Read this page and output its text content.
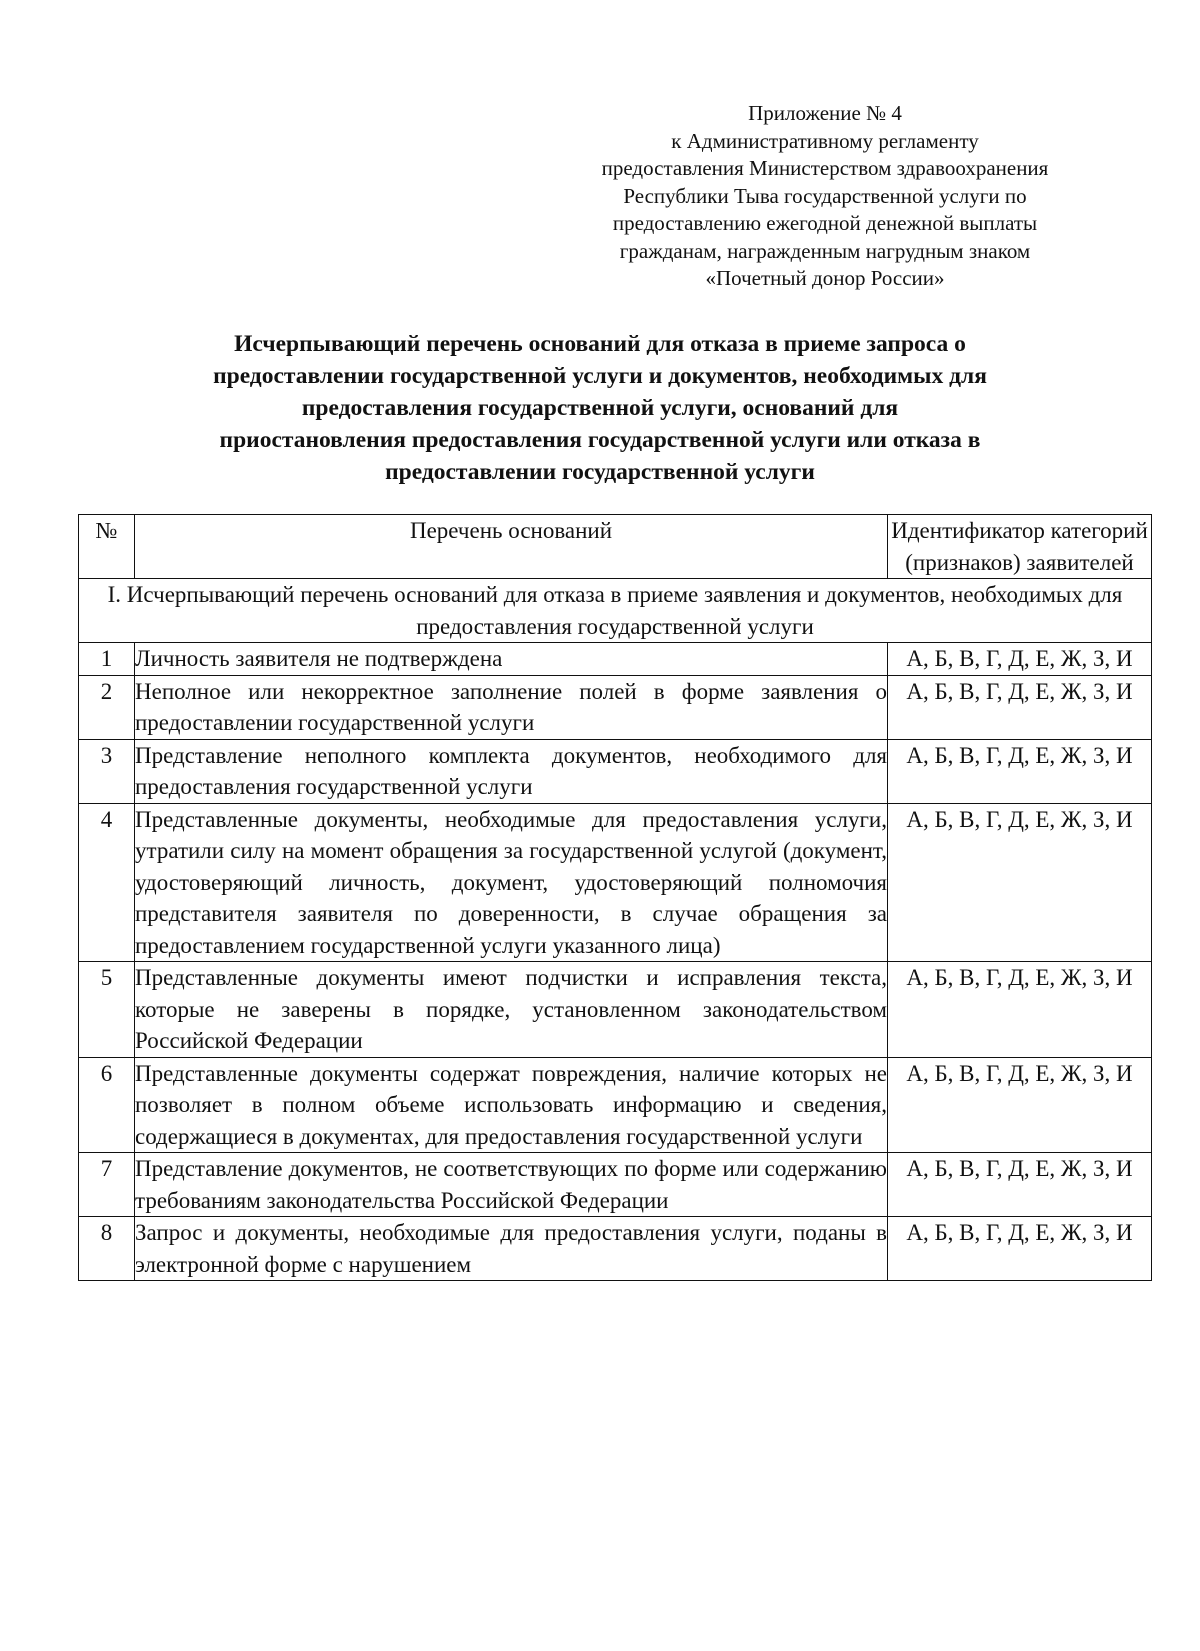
Приложение № 4
к Административному регламенту
предоставления Министерством здравоохранения
Республики Тыва государственной услуги по
предоставлению ежегодной денежной выплаты
гражданам, награжденным нагрудным знаком
«Почетный донор России»
Исчерпывающий перечень оснований для отказа в приеме запроса о
предоставлении государственной услуги и документов, необходимых для
предоставления государственной услуги, оснований для
приостановления предоставления государственной услуги или отказа в
предоставлении государственной услуги
№	Перечень оснований	Идентификатор категорий (признаков) заявителей

I. Исчерпывающий перечень оснований для отказа в приеме заявления и документов, необходимых для предоставления государственной услуги		
1	Личность заявителя не подтверждена	А, Б, В, Г, Д, Е, Ж, З, И
2	Неполное или некорректное заполнение полей в форме заявления о предоставлении государственной услуги	А, Б, В, Г, Д, Е, Ж, З, И
3	Представление неполного комплекта документов, необходимого для предоставления государственной услуги	А, Б, В, Г, Д, Е, Ж, З, И
4	Представленные документы, необходимые для предоставления услуги, утратили силу на момент обращения за государственной услугой (документ, удостоверяющий личность, документ, удостоверяющий полномочия представителя заявителя по доверенности, в случае обращения за предоставлением государственной услуги указанного лица)	А, Б, В, Г, Д, Е, Ж, З, И
5	Представленные документы имеют подчистки и исправления текста, которые не заверены в порядке, установленном законодательством Российской Федерации	А, Б, В, Г, Д, Е, Ж, З, И
6	Представленные документы содержат повреждения, наличие которых не позволяет в полном объеме использовать информацию и сведения, содержащиеся в документах, для предоставления государственной услуги	А, Б, В, Г, Д, Е, Ж, З, И
7	Представление документов, не соответствующих по форме или содержанию требованиям законодательства Российской Федерации	А, Б, В, Г, Д, Е, Ж, З, И
8	Запрос и документы, необходимые для предоставления услуги, поданы в электронной форме с нарушением	А, Б, В, Г, Д, Е, Ж, З, И
